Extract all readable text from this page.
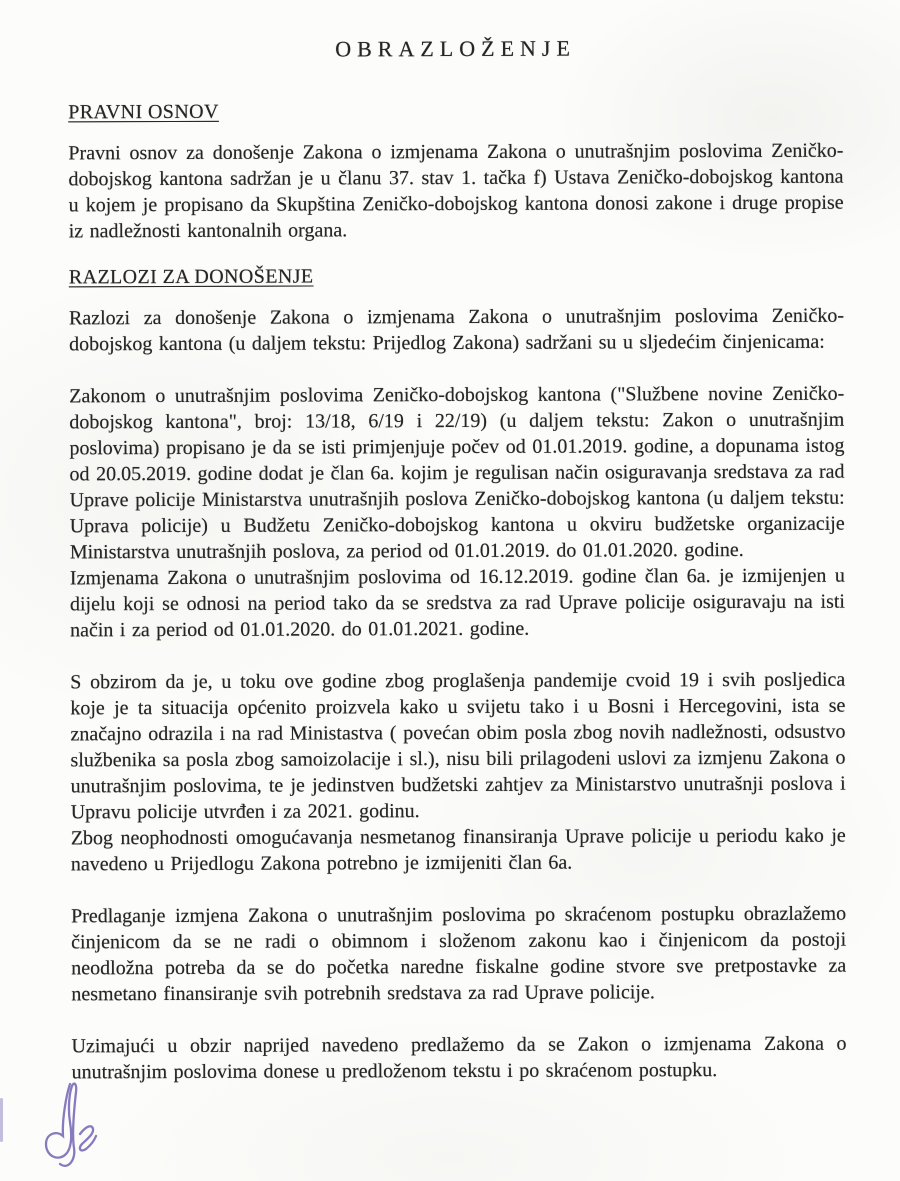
OBRAZLOŽENJE
PRAVNI OSNOV

Pravni osnov za donošenje Zakona o izmjenama Zakona o unutrašnjim poslovima Zeničko-dobojskog kantona sadržan je u članu 37. stav 1. tačka f) Ustava Zeničko-dobojskog kantona u kojem je propisano da Skupština Zeničko-dobojskog kantona donosi zakone i druge propise iz nadležnosti kantonalnih organa.

RAZLOZI ZA DONOŠENJE

Razlozi za donošenje Zakona o izmjenama Zakona o unutrašnjim poslovima Zeničko-dobojskog kantona (u daljem tekstu: Prijedlog Zakona) sadržani su u sljedećim činjenicama:

Zakonom o unutrašnjim poslovima Zeničko-dobojskog kantona ("Službene novine Zeničko-dobojskog kantona", broj: 13/18, 6/19 i 22/19) (u daljem tekstu: Zakon o unutrašnjim poslovima) propisano je da se isti primjenjuje počev od 01.01.2019. godine, a dopunama istog od 20.05.2019. godine dodat je član 6a. kojim je regulisan način osiguravanja sredstava za rad Uprave policije Ministarstva unutrašnjih poslova Zeničko-dobojskog kantona (u daljem tekstu: Uprava policije) u Budžetu Zeničko-dobojskog kantona u okviru budžetske organizacije Ministarstva unutrašnjih poslova, za period od 01.01.2019. do 01.01.2020. godine.

Izmjenama Zakona o unutrašnjim poslovima od 16.12.2019. godine član 6a. je izmijenjen u dijelu koji se odnosi na period tako da se sredstva za rad Uprave policije osiguravaju na isti način i za period od 01.01.2020. do 01.01.2021. godine.

S obzirom da je, u toku ove godine zbog proglašenja pandemije cvoid 19 i svih posljedica koje je ta situacija općenito proizvela kako u svijetu tako i u Bosni i Hercegovini, ista se značajno odrazila i na rad Ministastva ( povećan obim posla zbog novih nadležnosti, odsustvo službenika sa posla zbog samoizolacije i sl.), nisu bili prilagodeni uslovi za izmjenu Zakona o unutrašnjim poslovima, te je jedinstven budžetski zahtjev za Ministarstvo unutrašnji poslova i Upravu policije utvrđen i za 2021. godinu.

Zbog neophodnosti omogućavanja nesmetanog finansiranja Uprave policije u periodu kako je navedeno u Prijedlogu Zakona potrebno je izmijeniti član 6a.

Predlaganje izmjena Zakona o unutrašnjim poslovima po skraćenom postupku obrazlažemo činjenicom da se ne radi o obimnom i složenom zakonu kao i činjenicom da postoji neodložna potreba da se do početka naredne fiskalne godine stvore sve pretpostavke za nesmetano finansiranje svih potrebnih sredstava za rad Uprave policije.

Uzimajući u obzir naprijed navedeno predlažemo da se Zakon o izmjenama Zakona o unutrašnjim poslovima donese u predloženom tekstu i po skraćenom postupku.
